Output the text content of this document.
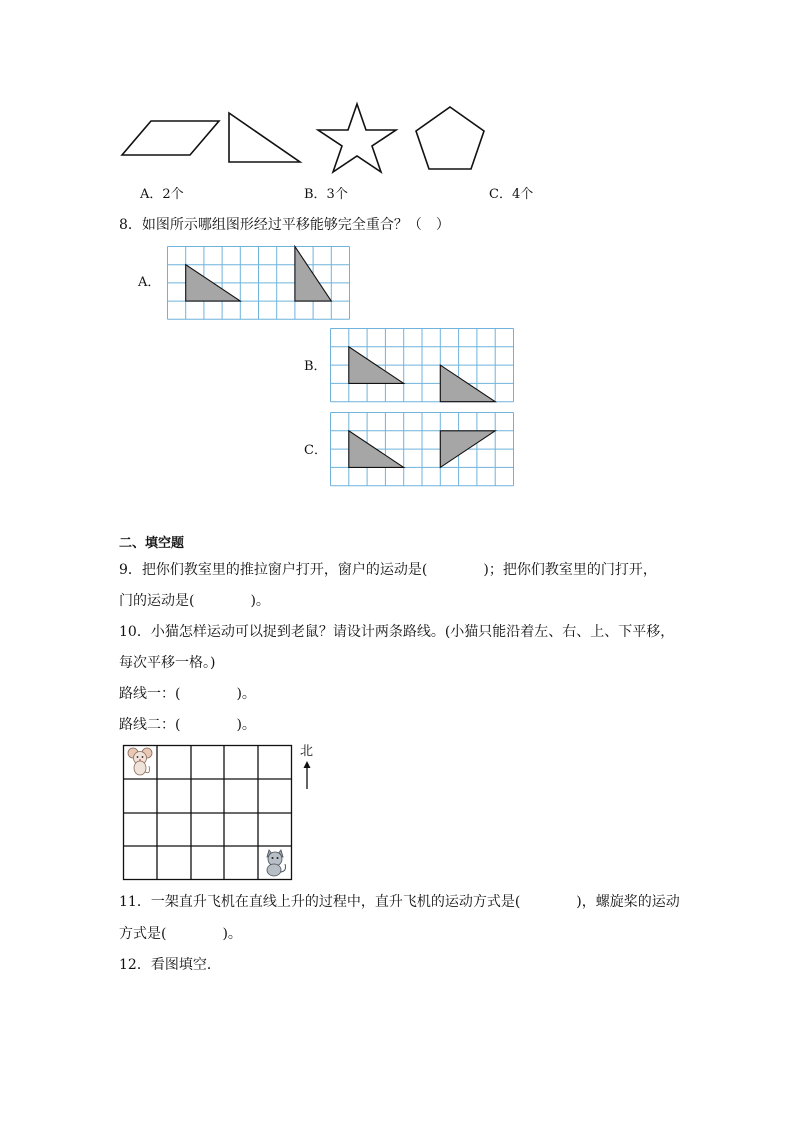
A．2个	B．3个	C．4个
8．如图所示哪组图形经过平移能够完全重合？（　）
A．
B．
C．
二、填空题
9．把你们教室里的推拉窗户打开，窗户的运动是(　　　　)；把你们教室里的门打开，
门的运动是(　　　　)。
10．小猫怎样运动可以捉到老鼠？请设计两条路线。(小猫只能沿着左、右、上、下平移，
每次平移一格。)
路线一：(　　　　)。
路线二：(　　　　)。
北
11．一架直升飞机在直线上升的过程中，直升飞机的运动方式是(　　　　)，螺旋桨的运动
方式是(　　　　)。
12．看图填空．
